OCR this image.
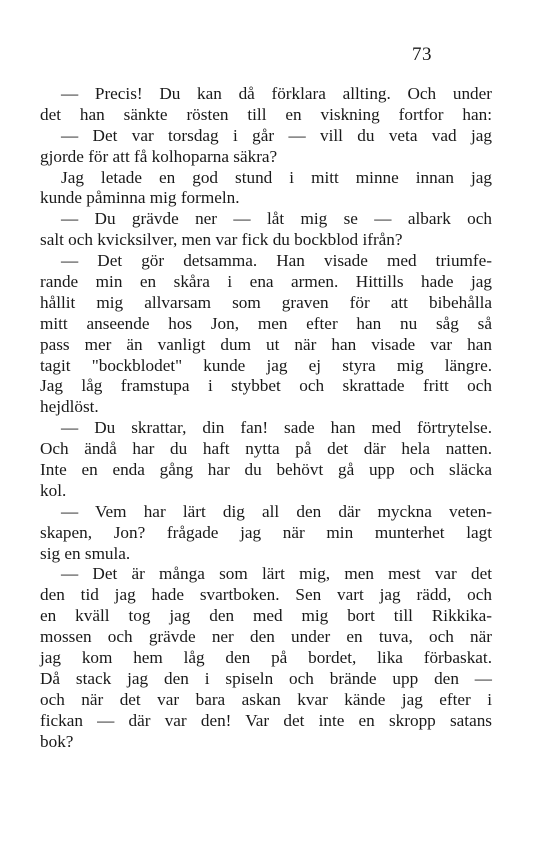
73
— Precis! Du kan då förklara allting. Och under
det han sänkte rösten till en viskning fortfor han:
— Det var torsdag i går — vill du veta vad jag
gjorde för att få kolhoparna säkra?
Jag letade en god stund i mitt minne innan jag
kunde påminna mig formeln.
— Du grävde ner — låt mig se — albark och
salt och kvicksilver, men var fick du bockblod ifrån?
— Det gör detsamma. Han visade med triumfe-
rande min en skåra i ena armen. Hittills hade jag
hållit mig allvarsam som graven för att bibehålla
mitt anseende hos Jon, men efter han nu såg så
pass mer än vanligt dum ut när han visade var han
tagit "bockblodet" kunde jag ej styra mig längre.
Jag låg framstupa i stybbet och skrattade fritt och
hejdlöst.
— Du skrattar, din fan! sade han med förtrytelse.
Och ändå har du haft nytta på det där hela natten.
Inte en enda gång har du behövt gå upp och släcka
kol.
— Vem har lärt dig all den där myckna veten-
skapen, Jon? frågade jag när min munterhet lagt
sig en smula.
— Det är många som lärt mig, men mest var det
den tid jag hade svartboken. Sen vart jag rädd, och
en kväll tog jag den med mig bort till Rikkika-
mossen och grävde ner den under en tuva, och när
jag kom hem låg den på bordet, lika förbaskat.
Då stack jag den i spiseln och brände upp den —
och när det var bara askan kvar kände jag efter i
fickan — där var den! Var det inte en skropp satans
bok?
